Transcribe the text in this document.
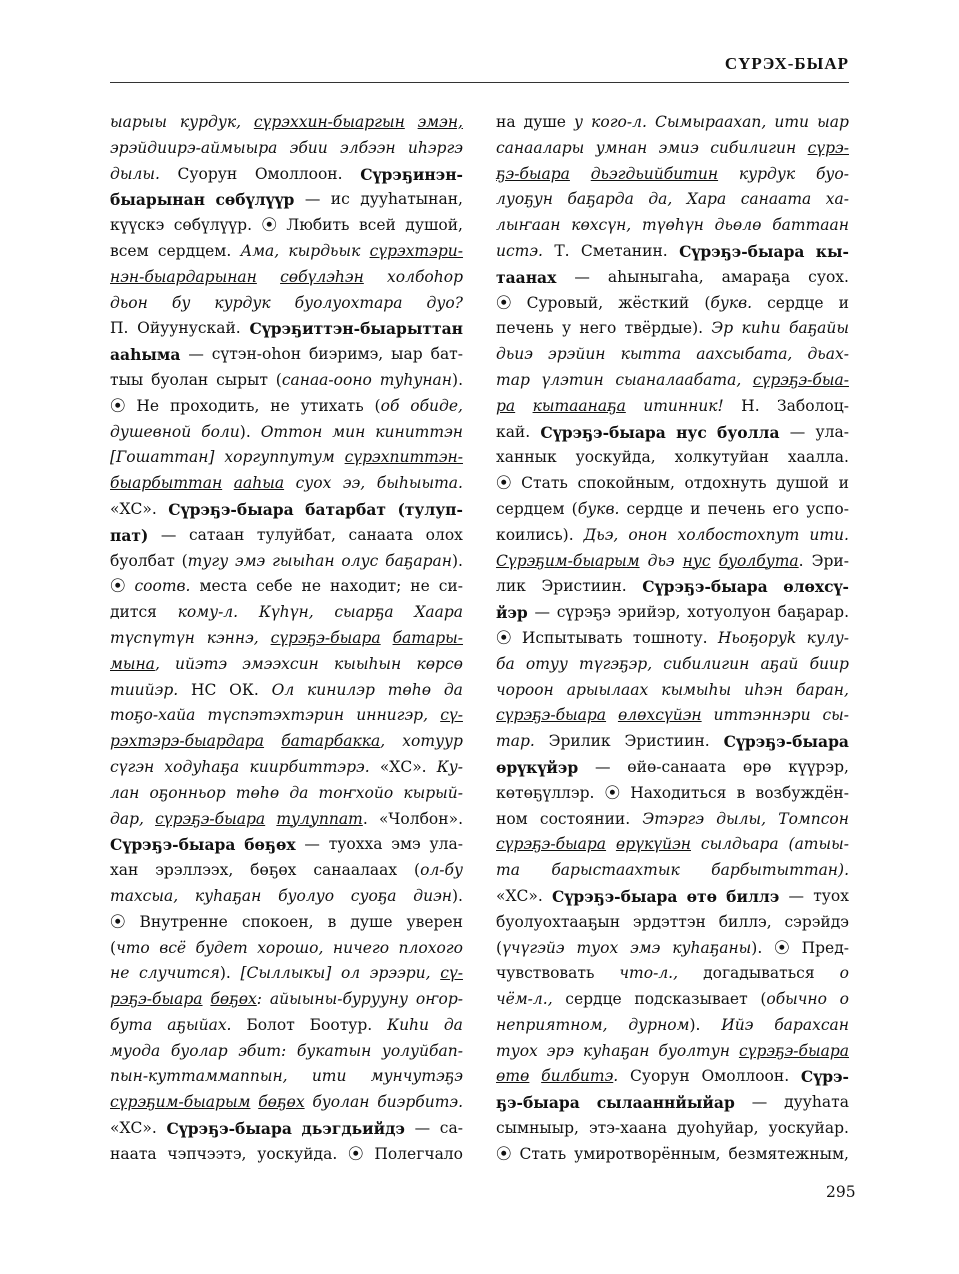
СҮРЭХ-БЫАР
ыарыы курдук, сүрэххин-быаргын эмэн,
эрэйдиирэ-аймыыра эбии элбээн иһэргэ
дылы. Суорун Омоллоон. Сүрэҕинэн-
быарынан сөбүлүүр — ис дууһатынан,
күүскэ сөбүлүүр. ⦿ Любить всей душой,
всем сердцем. Ама, кырдьык сүрэхтэри-
нэн-быардарынан сөбүлэһэн холбоһор
дьон бу курдук буолуохтара дуо?
П. Ойуунускай. Сүрэҕиттэн-быарыттан
ааһыма — сүтэн-оһон биэримэ, ыар бат-
тыы буолан сырыт (санаа-ооно туһунан).
⦿ Не проходить, не утихать (об обиде,
душевной боли). Оттон мин киниттэн
[Гошаттан] хоргуппутум сүрэхпиттэн-
быарбыттан ааһыа суох ээ, быһыыта.
«ХС». Сүрэҕэ-быара батарбат (тулуп-
пат) — сатаан тулуйбат, санаата олох
буолбат (тугу эмэ гыыһан олус баҕаран).
⦿ соотв. места себе не находит; не си-
дится кому-л. Күһүн, сыарҕа Хаара
түспүтүн кэннэ, сүрэҕэ-быара батары-
мына, ийэтэ эмээхсин кыыһын көрсө
тиийэр. НС ОК. Ол кинилэр төһө да
тоҕо-хайа түспэтэхтэрин иннигэр, сү-
рэхтэрэ-быардара батарбакка, хотуур
сүгэн ходуһаҕа киирбиттэрэ. «ХС». Ку-
лан оҕонньор төһө да тоҥхойо кырый-
дар, сүрэҕэ-быара тулуппат. «Чолбон».
Сүрэҕэ-быара бөҕөх — туохха эмэ ула-
хан эрэллээх, бөҕөх санаалаах (ол-бу
тахсыа, куһаҕан буолуо суоҕа диэн).
⦿ Внутренне спокоен, в душе уверен
(что всё будет хорошо, ничего плохого
не случится). [Сыллыкы] ол эрээри, сү-
рэҕэ-быара бөҕөх: айыыны-бурууну оҥор-
бута аҕыйах. Болот Боотур. Киһи да
муода буолар эбит: букатын уолуйбап-
пын-куттаммаппын, ити мунчутэҕэ
сүрэҕим-быарым бөҕөх буолан биэрбитэ.
«ХС». Сүрэҕэ-быара дьэгдьийдэ — са-
наата чэпчээтэ, уоскуйда. ⦿ Полегчало
на душе у кого-л. Сымыраахап, ити ыар
санаалары умнан эмиэ сибилигин сүрэ-
ҕэ-быара дьэгдьийбитин курдук буо-
луоҕун баҕарда да, Хара санаата ха-
лыҥаан көхсүн, түөһүн дьөлө баттаан
истэ. Т. Сметанин. Сүрэҕэ-быара кы-
таанах — аһыныгаһа, амараҕа суох.
⦿ Суровый, жёсткий (букв. сердце и
печень у него твёрдые). Эр киһи баҕайы
дьиэ эрэйин кытта аахсыбата, дьах-
тар үлэтин сыаналаабата, сүрэҕэ-быа-
ра кытаанаҕа итинник! Н. Заболоц-
кай. Сүрэҕэ-быара нус буолла — ула-
ханнык уоскуйда, холкутуйан хаалла.
⦿ Стать спокойным, отдохнуть душой и
сердцем (букв. сердце и печень его успо-
коились). Дьэ, онон холбостохпут ити.
Сүрэҕим-быарым дьэ нус буолбута. Эри-
лик Эристиин. Сүрэҕэ-быара өлөхсү-
йэр — сүрэҕэ эрийэр, хотуолуон баҕарар.
⦿ Испытывать тошноту. Ньоҕоруk кулу-
ба отуу түгэҕэр, сибилигин аҕай биир
чороон арыылаах кымыһы иһэн баран,
сүрэҕэ-быара өлөхсүйэн иттэннэри сы-
тар. Эрилик Эристиин. Сүрэҕэ-быара
өрүкүйэр — өйө-санаата өрө күүрэр,
көтөҕүллэр. ⦿ Находиться в возбуждён-
ном состоянии. Этэргэ дылы, Томпсон
сүрэҕэ-быара өрүкүйэн сылдьара (атыы-
та барыстаахтык барбытыттан).
«ХС». Сүрэҕэ-быара өтө биллэ — туох
буолуохтааҕын эрдэттэн биллэ, сэрэйдэ
(үчүгэйэ туох эмэ куһаҕаны). ⦿ Пред-
чувствовать что-л., догадываться о
чём-л., сердце подсказывает (обычно о
неприятном, дурном). Ийэ барахсан
туох эрэ куһаҕан буолтун сүрэҕэ-быара
өтө билбитэ. Суорун Омоллоон. Сүрэ-
ҕэ-быара сылааннйыйар — дууһата
сымныыр, этэ-хаана дуоһуйар, уоскуйар.
⦿ Стать умиротворённым, безмятежным,
295
